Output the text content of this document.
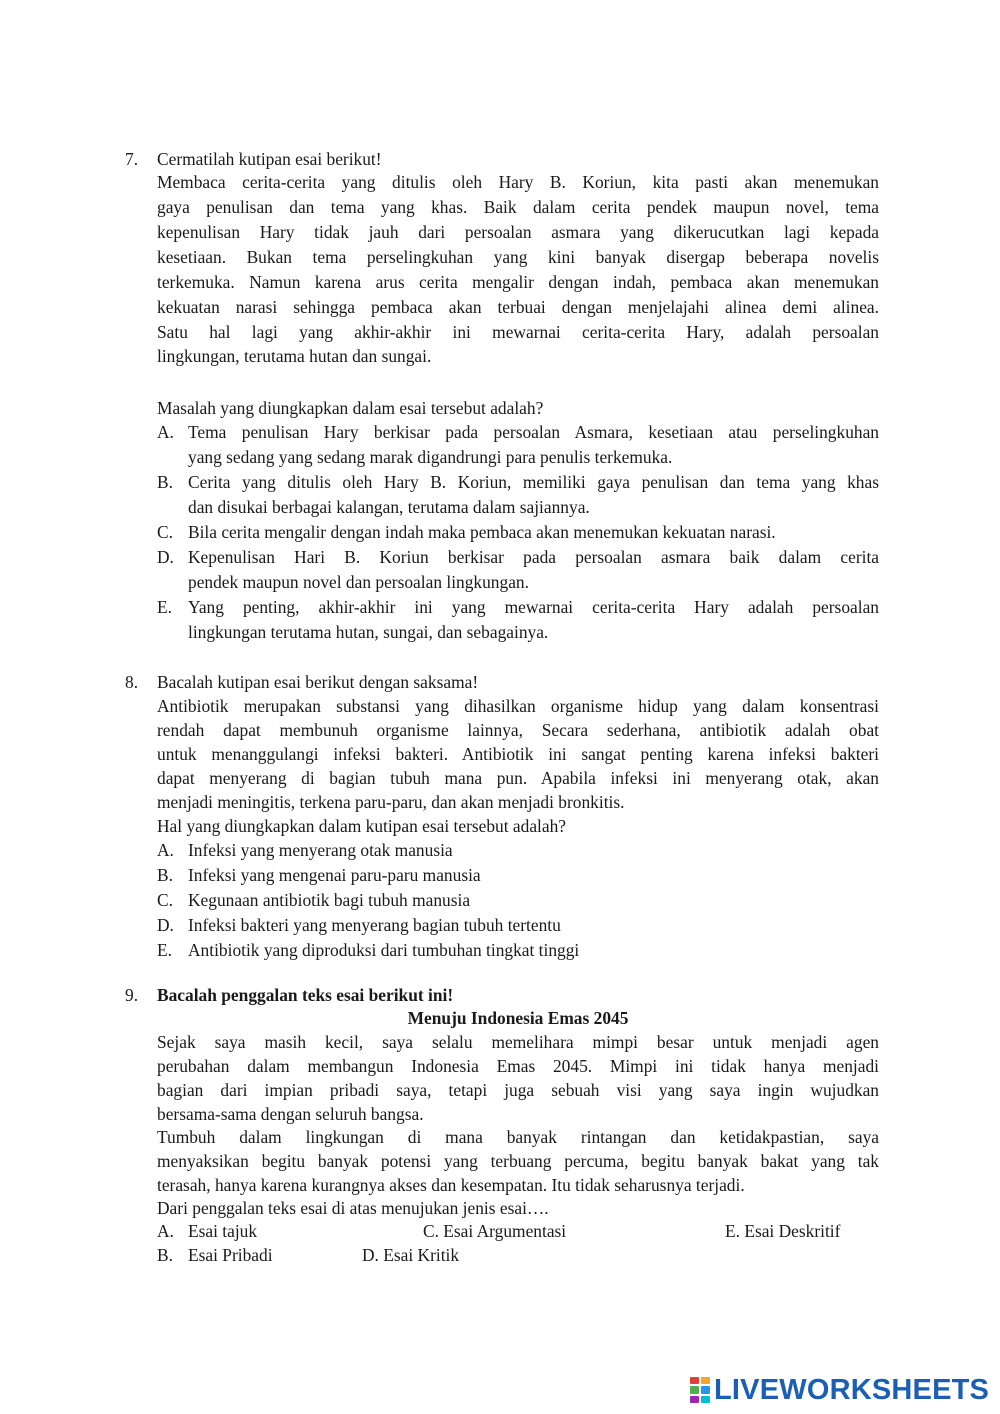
7. Cermatilah kutipan esai berikut!
Membaca cerita-cerita yang ditulis oleh Hary B. Koriun, kita pasti akan menemukan
gaya penulisan dan tema yang khas. Baik dalam cerita pendek maupun novel, tema
kepenulisan Hary tidak jauh dari persoalan asmara yang dikerucutkan lagi kepada
kesetiaan. Bukan tema perselingkuhan yang kini banyak disergap beberapa novelis
terkemuka. Namun karena arus cerita mengalir dengan indah, pembaca akan menemukan
kekuatan narasi sehingga pembaca akan terbuai dengan menjelajahi alinea demi alinea.
Satu hal lagi yang akhir-akhir ini mewarnai cerita-cerita Hary, adalah persoalan
lingkungan, terutama hutan dan sungai.
Masalah yang diungkapkan dalam esai tersebut adalah?
A. Tema penulisan Hary berkisar pada persoalan Asmara, kesetiaan atau perselingkuhan
yang sedang yang sedang marak digandrungi para penulis terkemuka.
B. Cerita yang ditulis oleh Hary B. Koriun, memiliki gaya penulisan dan tema yang khas
dan disukai berbagai kalangan, terutama dalam sajiannya.
C. Bila cerita mengalir dengan indah maka pembaca akan menemukan kekuatan narasi.
D. Kepenulisan Hari B. Koriun berkisar pada persoalan asmara baik dalam cerita
pendek maupun novel dan persoalan lingkungan.
E. Yang penting, akhir-akhir ini yang mewarnai cerita-cerita Hary adalah persoalan
lingkungan terutama hutan, sungai, dan sebagainya.
8. Bacalah kutipan esai berikut dengan saksama!
Antibiotik merupakan substansi yang dihasilkan organisme hidup yang dalam konsentrasi
rendah dapat membunuh organisme lainnya, Secara sederhana, antibiotik adalah obat
untuk menanggulangi infeksi bakteri. Antibiotik ini sangat penting karena infeksi bakteri
dapat menyerang di bagian tubuh mana pun. Apabila infeksi ini menyerang otak, akan
menjadi meningitis, terkena paru-paru, dan akan menjadi bronkitis.
Hal yang diungkapkan dalam kutipan esai tersebut adalah?
A. Infeksi yang menyerang otak manusia
B. Infeksi yang mengenai paru-paru manusia
C. Kegunaan antibiotik bagi tubuh manusia
D. Infeksi bakteri yang menyerang bagian tubuh tertentu
E. Antibiotik yang diproduksi dari tumbuhan tingkat tinggi
9. Bacalah penggalan teks esai berikut ini!
Menuju Indonesia Emas 2045
Sejak saya masih kecil, saya selalu memelihara mimpi besar untuk menjadi agen
perubahan dalam membangun Indonesia Emas 2045. Mimpi ini tidak hanya menjadi
bagian dari impian pribadi saya, tetapi juga sebuah visi yang saya ingin wujudkan
bersama-sama dengan seluruh bangsa.
Tumbuh dalam lingkungan di mana banyak rintangan dan ketidakpastian, saya
menyaksikan begitu banyak potensi yang terbuang percuma, begitu banyak bakat yang tak
terasah, hanya karena kurangnya akses dan kesempatan. Itu tidak seharusnya terjadi.
Dari penggalan teks esai di atas menujukan jenis esai….
A. Esai tajuk	C. Esai Argumentasi	E. Esai Deskritif
B. Esai Pribadi	D. Esai Kritik
LIVEWORKSHEETS
